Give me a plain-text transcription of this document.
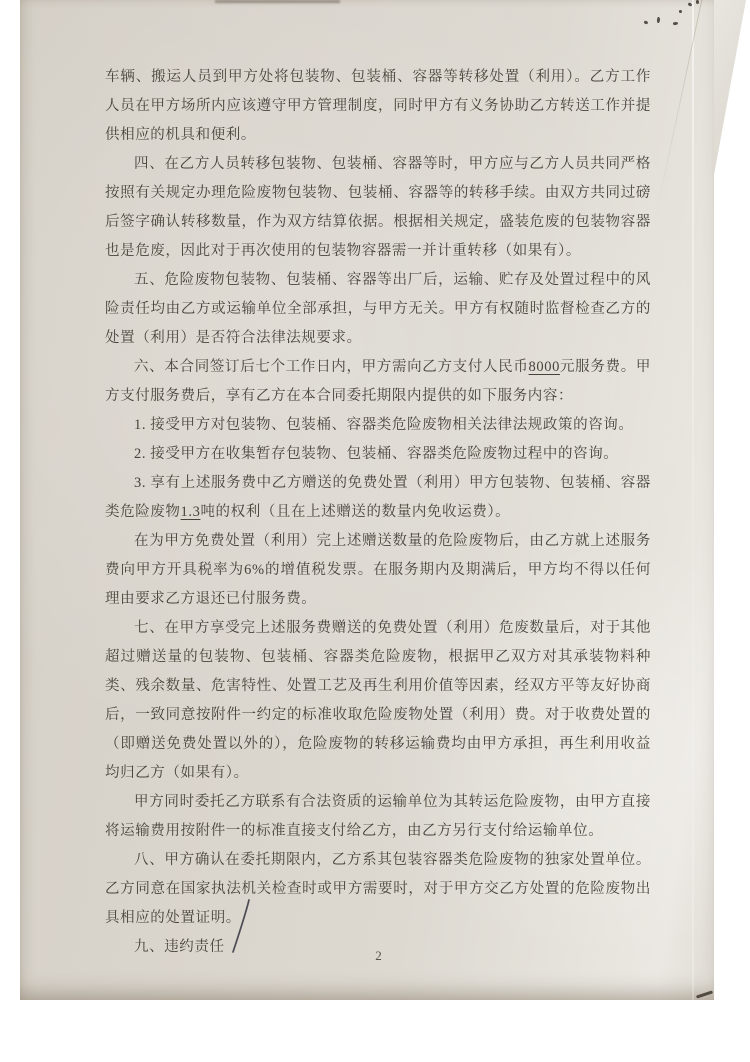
车辆、搬运人员到甲方处将包装物、包装桶、容器等转移处置（利用）。乙方工作人员在甲方场所内应该遵守甲方管理制度，同时甲方有义务协助乙方转送工作并提供相应的机具和便利。

四、在乙方人员转移包装物、包装桶、容器等时，甲方应与乙方人员共同严格按照有关规定办理危险废物包装物、包装桶、容器等的转移手续。由双方共同过磅后签字确认转移数量，作为双方结算依据。根据相关规定，盛装危废的包装物容器也是危废，因此对于再次使用的包装物容器需一并计重转移（如果有）。

五、危险废物包装物、包装桶、容器等出厂后，运输、贮存及处置过程中的风险责任均由乙方或运输单位全部承担，与甲方无关。甲方有权随时监督检查乙方的处置（利用）是否符合法律法规要求。

六、本合同签订后七个工作日内，甲方需向乙方支付人民币8000元服务费。甲方支付服务费后，享有乙方在本合同委托期限内提供的如下服务内容：

1. 接受甲方对包装物、包装桶、容器类危险废物相关法律法规政策的咨询。

2. 接受甲方在收集暂存包装物、包装桶、容器类危险废物过程中的咨询。

3. 享有上述服务费中乙方赠送的免费处置（利用）甲方包装物、包装桶、容器类危险废物1.3吨的权利（且在上述赠送的数量内免收运费）。

在为甲方免费处置（利用）完上述赠送数量的危险废物后，由乙方就上述服务费向甲方开具税率为6%的增值税发票。在服务期内及期满后，甲方均不得以任何理由要求乙方退还已付服务费。

七、在甲方享受完上述服务费赠送的免费处置（利用）危废数量后，对于其他超过赠送量的包装物、包装桶、容器类危险废物，根据甲乙双方对其承装物料种类、残余数量、危害特性、处置工艺及再生利用价值等因素，经双方平等友好协商后，一致同意按附件一约定的标准收取危险废物处置（利用）费。对于收费处置的（即赠送免费处置以外的），危险废物的转移运输费均由甲方承担，再生利用收益均归乙方（如果有）。

甲方同时委托乙方联系有合法资质的运输单位为其转运危险废物，由甲方直接将运输费用按附件一的标准直接支付给乙方，由乙方另行支付给运输单位。

八、甲方确认在委托期限内，乙方系其包装容器类危险废物的独家处置单位。乙方同意在国家执法机关检查时或甲方需要时，对于甲方交乙方处置的危险废物出具相应的处置证明。

九、违约责任

2
